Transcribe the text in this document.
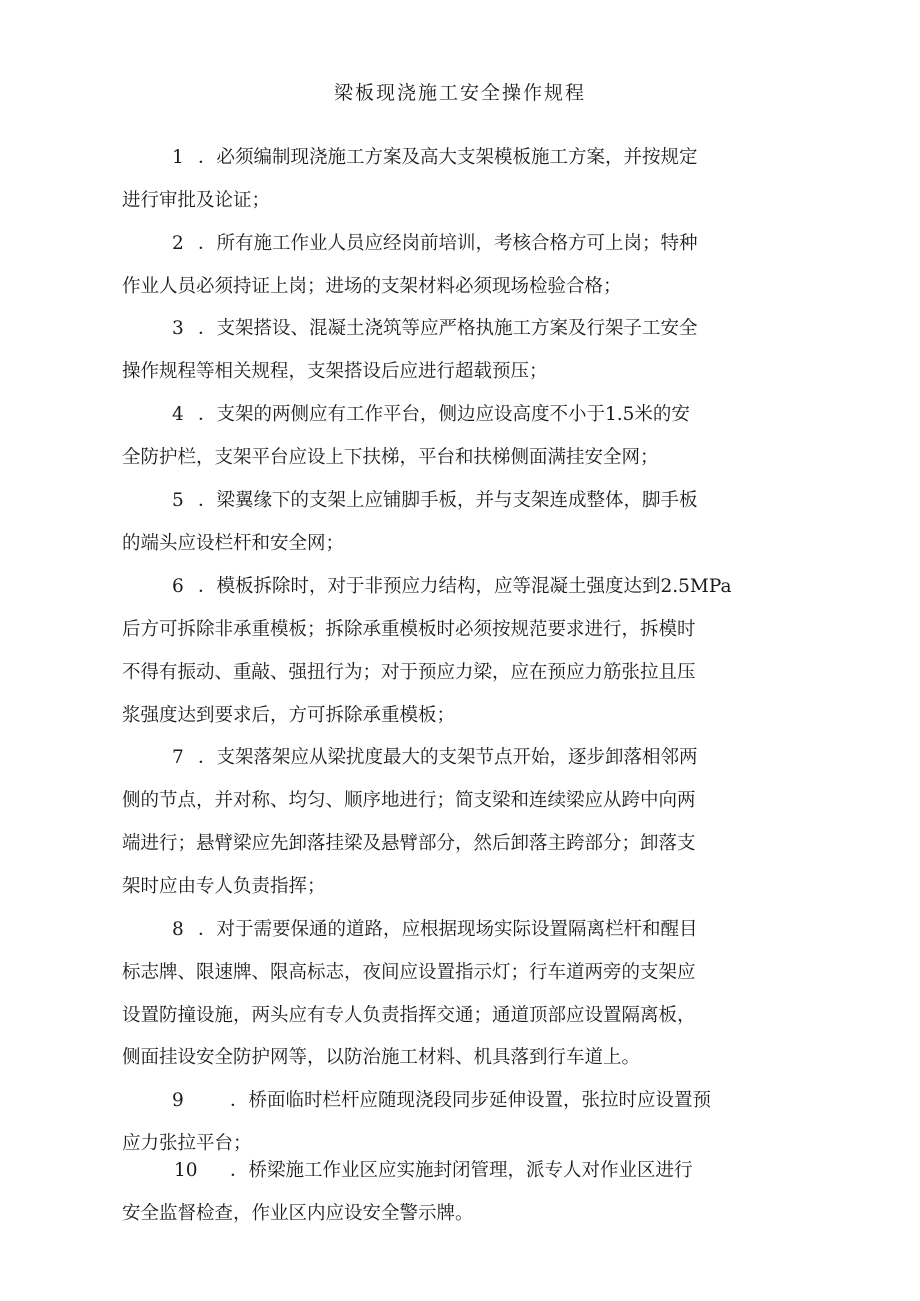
梁板现浇施工安全操作规程
1 ．必须编制现浇施工方案及高大支架模板施工方案，并按规定
进行审批及论证；
2 ．所有施工作业人员应经岗前培训，考核合格方可上岗；特种
作业人员必须持证上岗；进场的支架材料必须现场检验合格；
3 ．支架搭设、混凝土浇筑等应严格执施工方案及行架子工安全
操作规程等相关规程，支架搭设后应进行超载预压；
4 ．支架的两侧应有工作平台，侧边应设高度不小于1.5米的安
全防护栏，支架平台应设上下扶梯，平台和扶梯侧面满挂安全网；
5 ．梁翼缘下的支架上应铺脚手板，并与支架连成整体，脚手板
的端头应设栏杆和安全网；
6 ．模板拆除时，对于非预应力结构，应等混凝土强度达到2.5MPa
后方可拆除非承重模板；拆除承重模板时必须按规范要求进行，拆模时
不得有振动、重敲、强扭行为；对于预应力梁，应在预应力筋张拉且压
浆强度达到要求后，方可拆除承重模板；
7 ．支架落架应从梁扰度最大的支架节点开始，逐步卸落相邻两
侧的节点，并对称、均匀、顺序地进行；简支梁和连续梁应从跨中向两
端进行；悬臂梁应先卸落挂梁及悬臂部分，然后卸落主跨部分；卸落支
架时应由专人负责指挥；
8 ．对于需要保通的道路，应根据现场实际设置隔离栏杆和醒目
标志牌、限速牌、限高标志，夜间应设置指示灯；行车道两旁的支架应
设置防撞设施，两头应有专人负责指挥交通；通道顶部应设置隔离板，
侧面挂设安全防护网等，以防治施工材料、机具落到行车道上。
9 ．桥面临时栏杆应随现浇段同步延伸设置，张拉时应设置预
应力张拉平台；
10 ．桥梁施工作业区应实施封闭管理，派专人对作业区进行
安全监督检查，作业区内应设安全警示牌。
